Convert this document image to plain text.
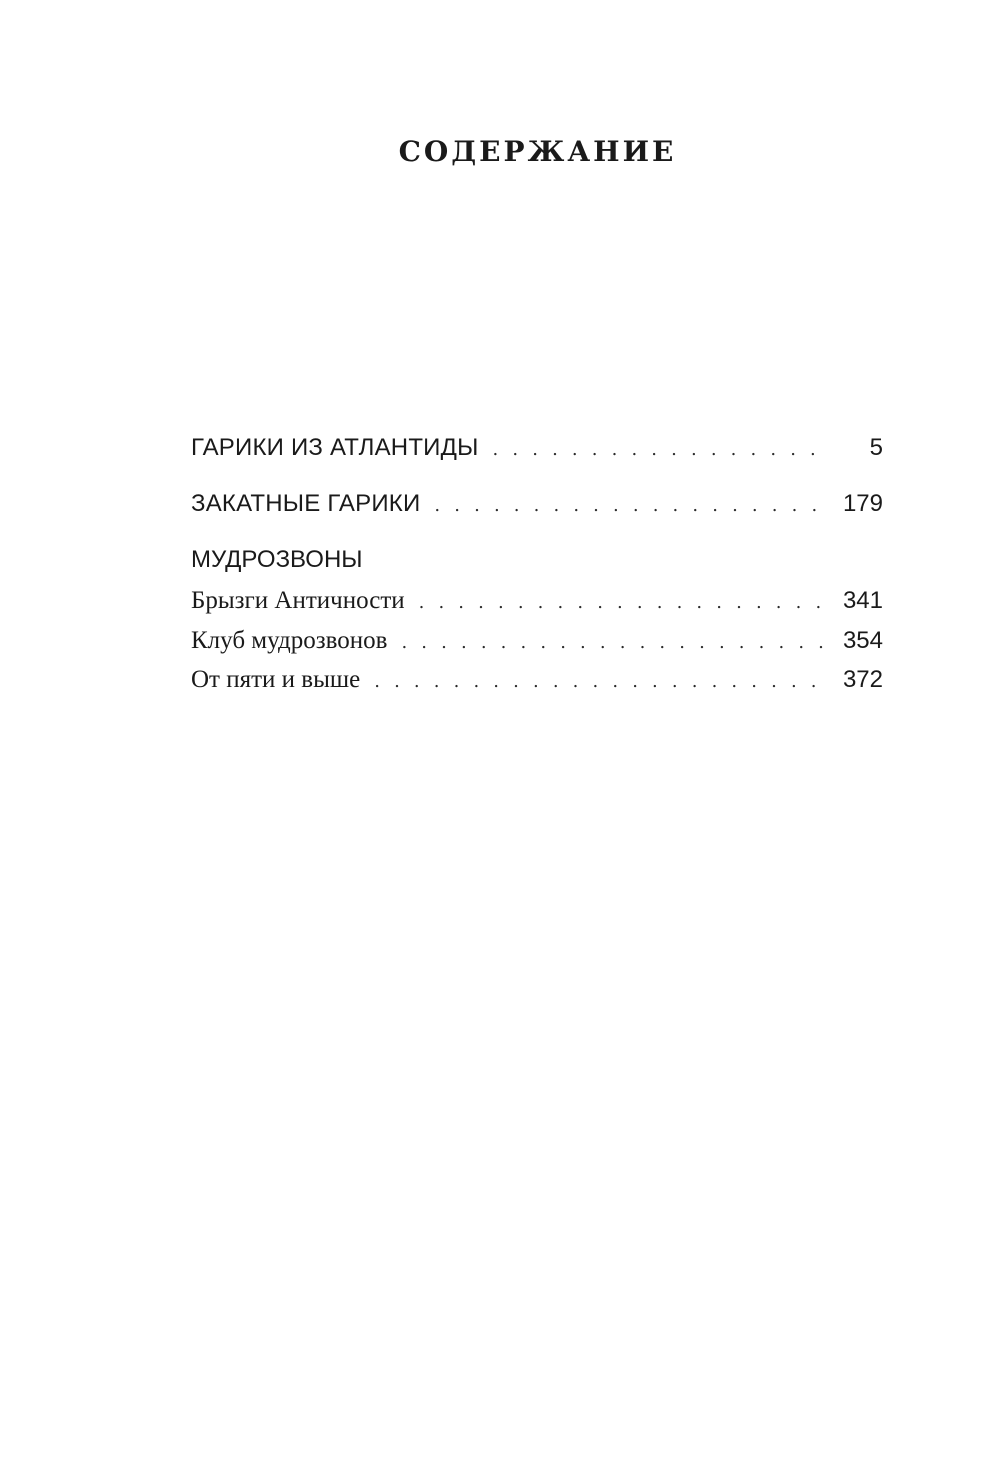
СОДЕРЖАНИЕ
ГАРИКИ ИЗ АТЛАНТИДЫ . . .	5
ЗАКАТНЫЕ ГАРИКИ . . .	179
МУДРОЗВОНЫ
Брызги Античности . . .	341
Клуб мудрозвонов . . .	354
От пяти и выше . . .	372
